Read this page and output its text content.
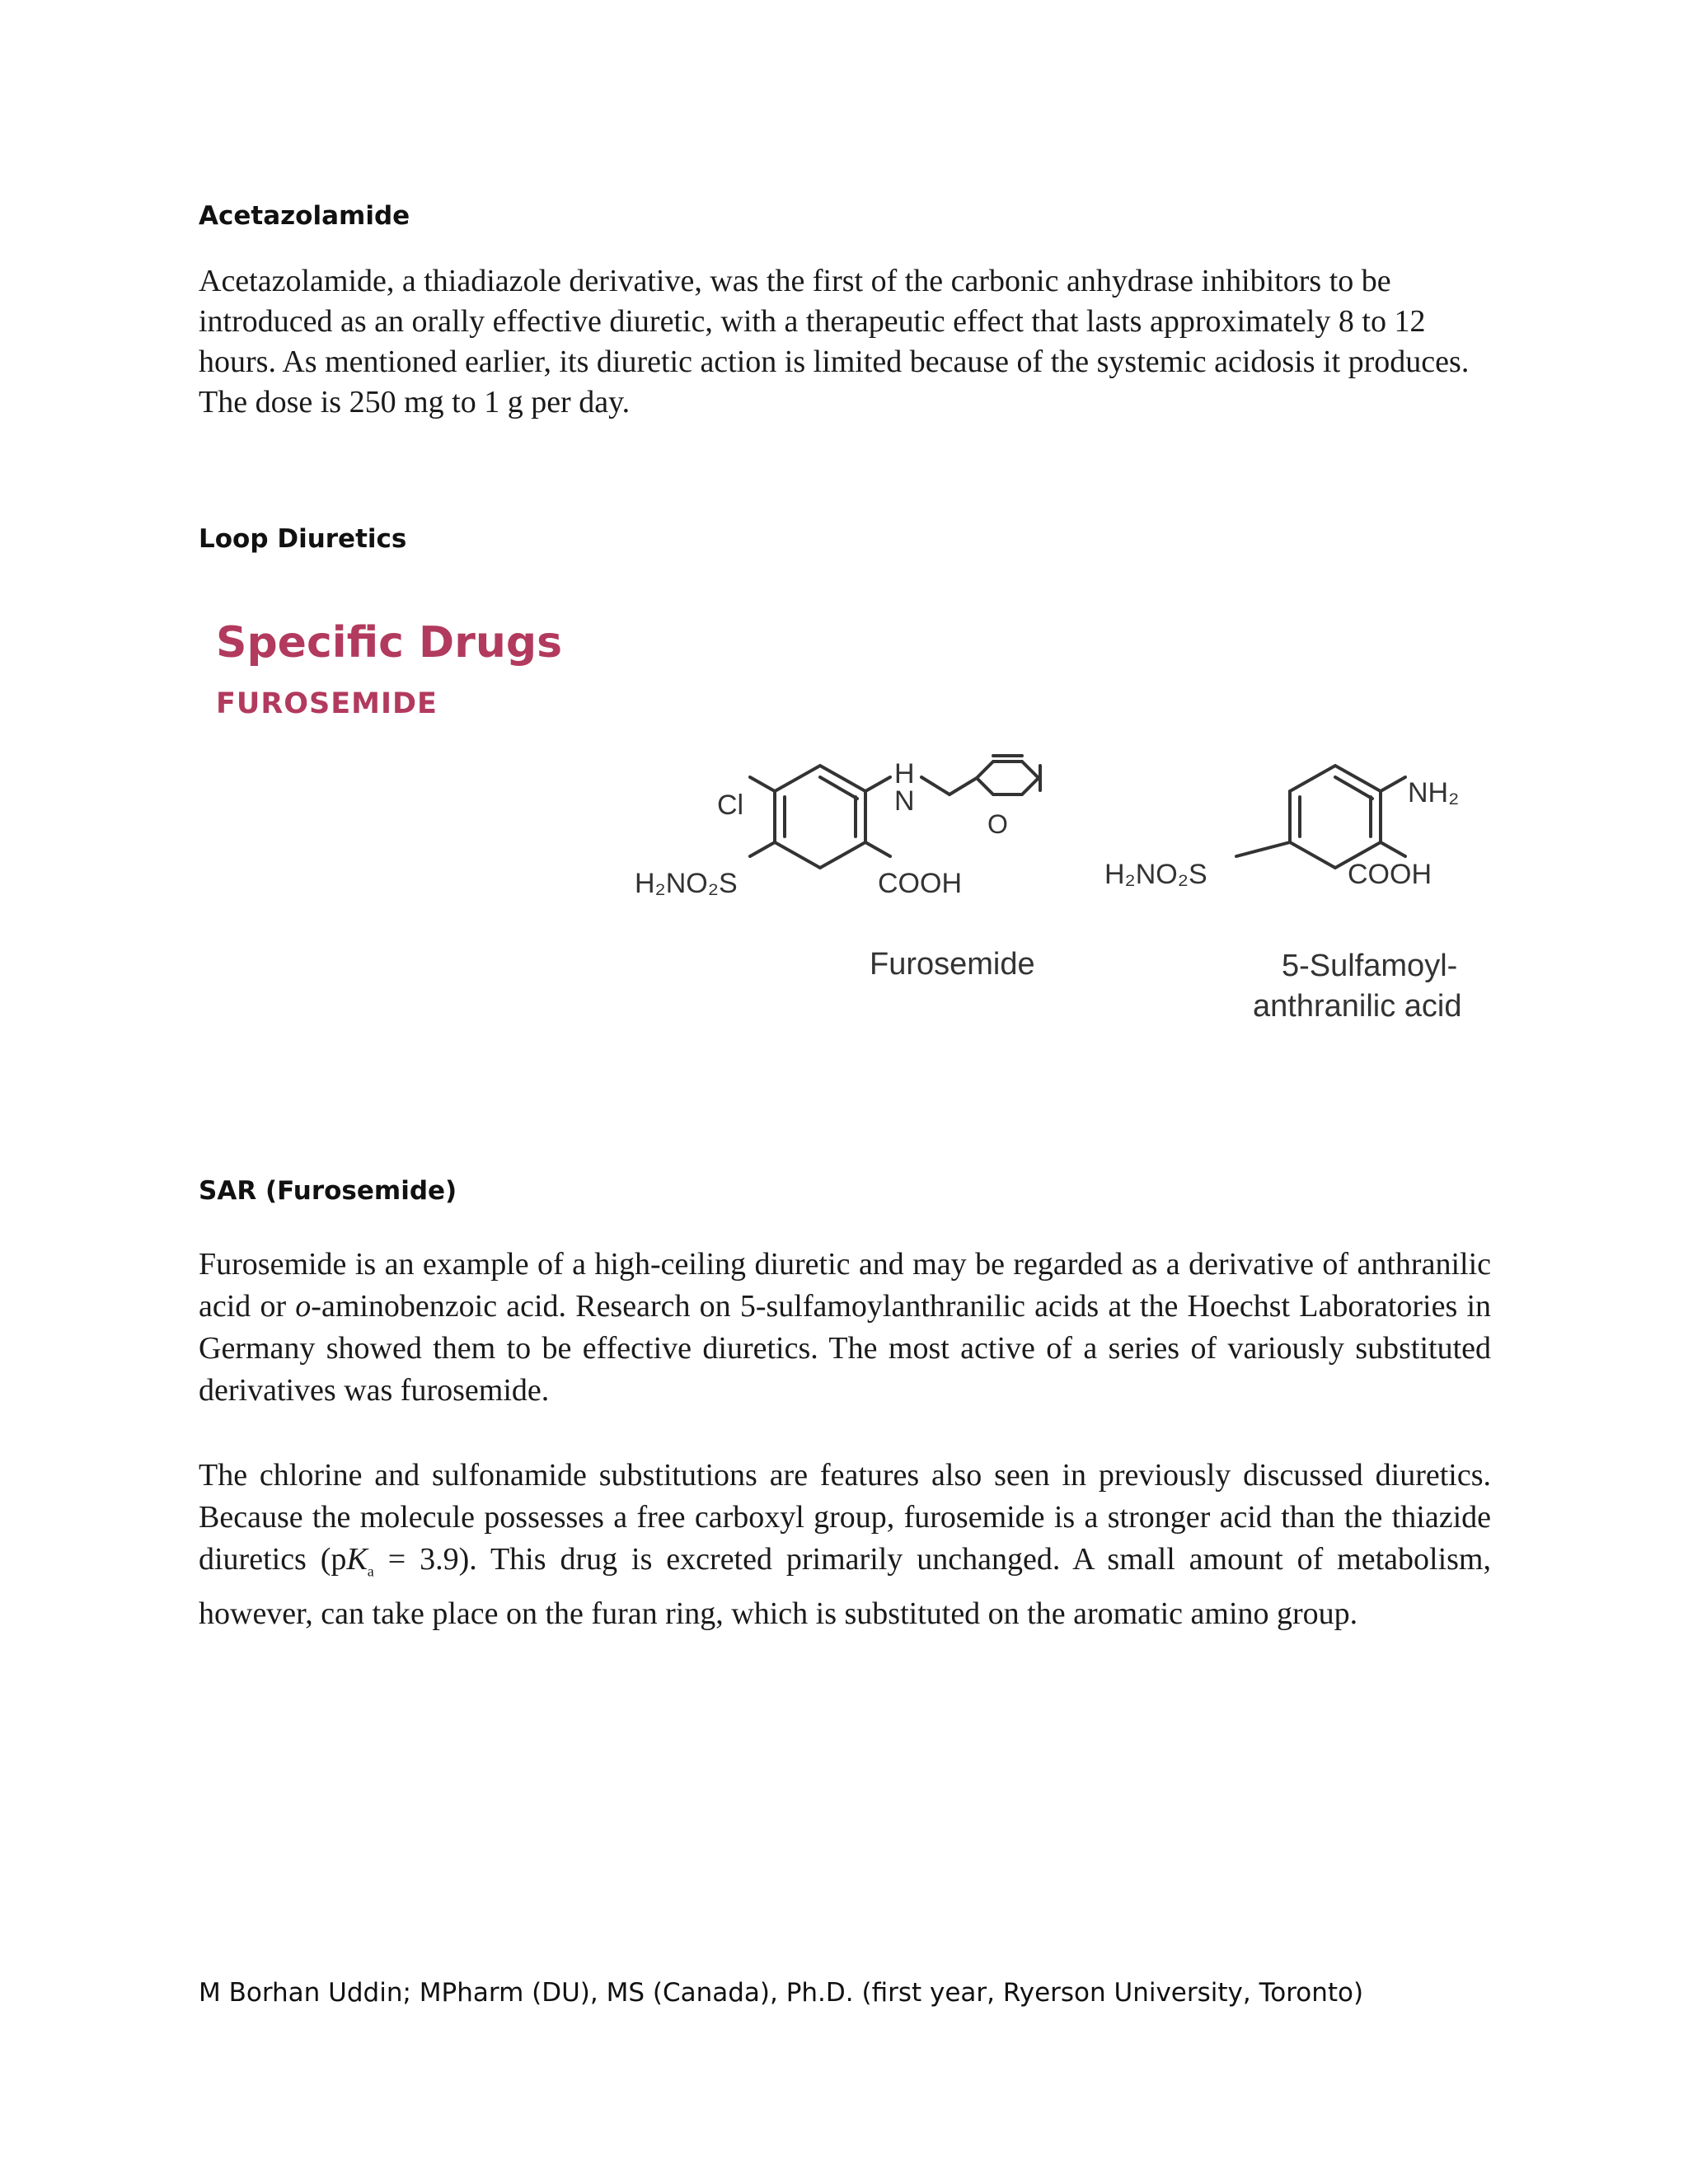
Acetazolamide

Acetazolamide, a thiadiazole derivative, was the first of the carbonic anhydrase inhibitors to be introduced as an orally effective diuretic, with a therapeutic effect that lasts approximately 8 to 12 hours. As mentioned earlier, its diuretic action is limited because of the systemic acidosis it produces. The dose is 250 mg to 1 g per day.

Loop Diuretics
Specific Drugs
FUROSEMIDE
Cl
H
N
O
H₂NO₂S	COOH
Furosemide
NH₂
H₂NO₂S	COOH
5-Sulfamoyl-
anthranilic acid
SAR (Furosemide)

Furosemide is an example of a high-ceiling diuretic and may be regarded as a derivative of anthranilic acid or o-aminobenzoic acid. Research on 5-sulfamoylanthranilic acids at the Hoechst Laboratories in Germany showed them to be effective diuretics. The most active of a series of variously substituted derivatives was furosemide.

The chlorine and sulfonamide substitutions are features also seen in previously discussed diuretics. Because the molecule possesses a free carboxyl group, furosemide is a stronger acid than the thiazide diuretics $(pK_a = 3.9)$. This drug is excreted primarily unchanged. A small amount of metabolism, however, can take place on the furan ring, which is substituted on the aromatic amino group.

M Borhan Uddin; MPharm (DU), MS (Canada), Ph.D. (first year, Ryerson University, Toronto)
